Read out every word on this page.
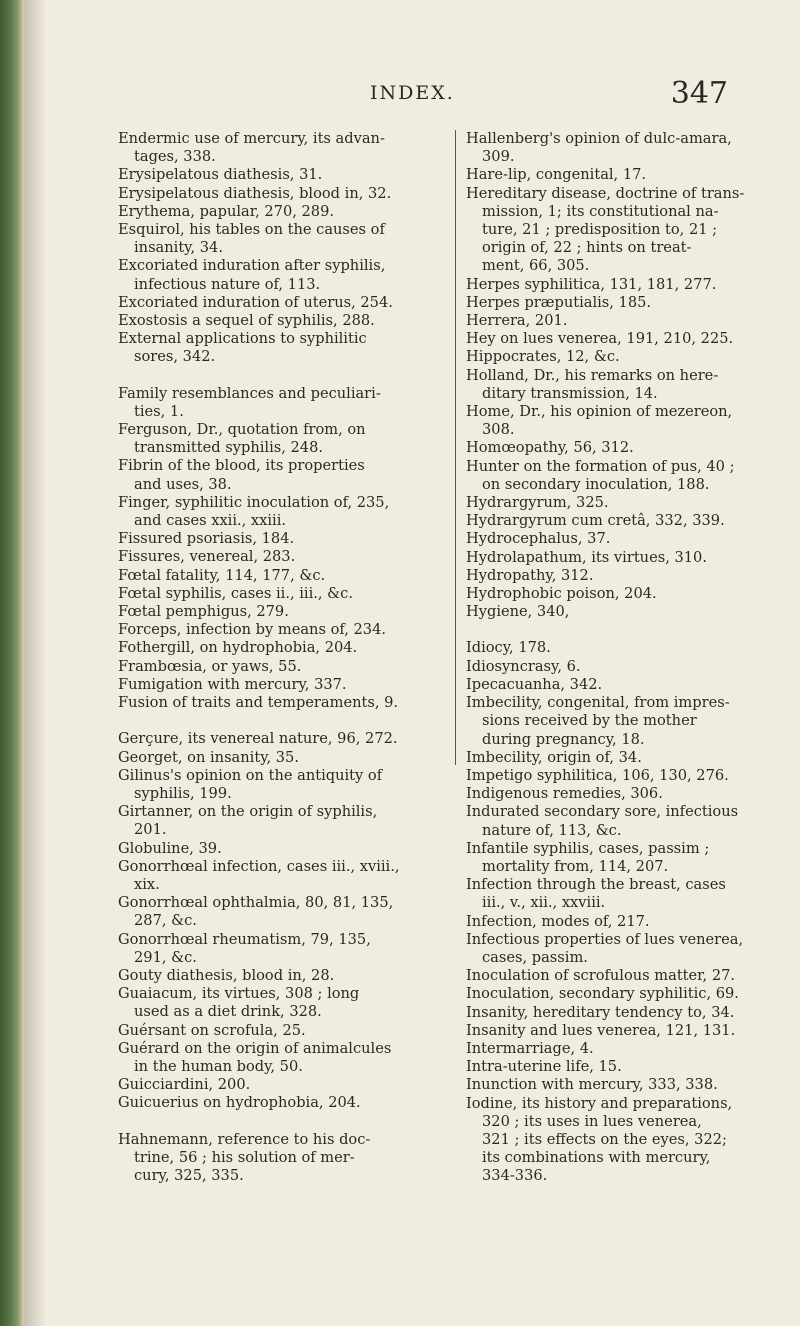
INDEX.	347

Endermic use of mercury, its advan-
tages, 338.

Erysipelatous diathesis, 31.

Erysipelatous diathesis, blood in, 32.

Erythema, papular, 270, 289.

Esquirol, his tables on the causes of
insanity, 34.

Excoriated induration after syphilis,
infectious nature of, 113.

Excoriated induration of uterus, 254.

Exostosis a sequel of syphilis, 288.

External applications to syphilitic
sores, 342.

Family resemblances and peculiari-
ties, 1.

Ferguson, Dr., quotation from, on
transmitted syphilis, 248.

Fibrin of the blood, its properties
and uses, 38.

Finger, syphilitic inoculation of, 235,
and cases xxii., xxiii.

Fissured psoriasis, 184.

Fissures, venereal, 283.

Fœtal fatality, 114, 177, &c.

Fœtal syphilis, cases ii., iii., &c.

Fœtal pemphigus, 279.

Forceps, infection by means of, 234.

Fothergill, on hydrophobia, 204.

Frambœsia, or yaws, 55.

Fumigation with mercury, 337.

Fusion of traits and temperaments, 9.

Gerçure, its venereal nature, 96, 272.

Georget, on insanity, 35.

Gilinus's opinion on the antiquity of
syphilis, 199.

Girtanner, on the origin of syphilis,
201.

Globuline, 39.

Gonorrhœal infection, cases iii., xviii.,
xix.

Gonorrhœal ophthalmia, 80, 81, 135,
287, &c.

Gonorrhœal rheumatism, 79, 135,
291, &c.

Gouty diathesis, blood in, 28.

Guaiacum, its virtues, 308 ; long
used as a diet drink, 328.

Guérsant on scrofula, 25.

Guérard on the origin of animalcules
in the human body, 50.

Guicciardini, 200.

Guicuerius on hydrophobia, 204.

Hahnemann, reference to his doc-
trine, 56 ; his solution of mer-
cury, 325, 335.

Hallenberg's opinion of dulc-amara,
309.

Hare-lip, congenital, 17.

Hereditary disease, doctrine of trans-
mission, 1; its constitutional na-
ture, 21 ; predisposition to, 21 ;
origin of, 22 ; hints on treat-
ment, 66, 305.

Herpes syphilitica, 131, 181, 277.

Herpes præputialis, 185.

Herrera, 201.

Hey on lues venerea, 191, 210, 225.

Hippocrates, 12, &c.

Holland, Dr., his remarks on here-
ditary transmission, 14.

Home, Dr., his opinion of mezereon,
308.

Homœopathy, 56, 312.

Hunter on the formation of pus, 40 ;
on secondary inoculation, 188.

Hydrargyrum, 325.

Hydrargyrum cum cretâ, 332, 339.

Hydrocephalus, 37.

Hydrolapathum, its virtues, 310.

Hydropathy, 312.

Hydrophobic poison, 204.

Hygiene, 340,

Idiocy, 178.

Idiosyncrasy, 6.

Ipecacuanha, 342.

Imbecility, congenital, from impres-
sions received by the mother
during pregnancy, 18.

Imbecility, origin of, 34.

Impetigo syphilitica, 106, 130, 276.

Indigenous remedies, 306.

Indurated secondary sore, infectious
nature of, 113, &c.

Infantile syphilis, cases, passim ;
mortality from, 114, 207.

Infection through the breast, cases
iii., v., xii., xxviii.

Infection, modes of, 217.

Infectious properties of lues venerea,
cases, passim.

Inoculation of scrofulous matter, 27.

Inoculation, secondary syphilitic, 69.

Insanity, hereditary tendency to, 34.

Insanity and lues venerea, 121, 131.

Intermarriage, 4.

Intra-uterine life, 15.

Inunction with mercury, 333, 338.

Iodine, its history and preparations,
320 ; its uses in lues venerea,
321 ; its effects on the eyes, 322;
its combinations with mercury,
334-336.
